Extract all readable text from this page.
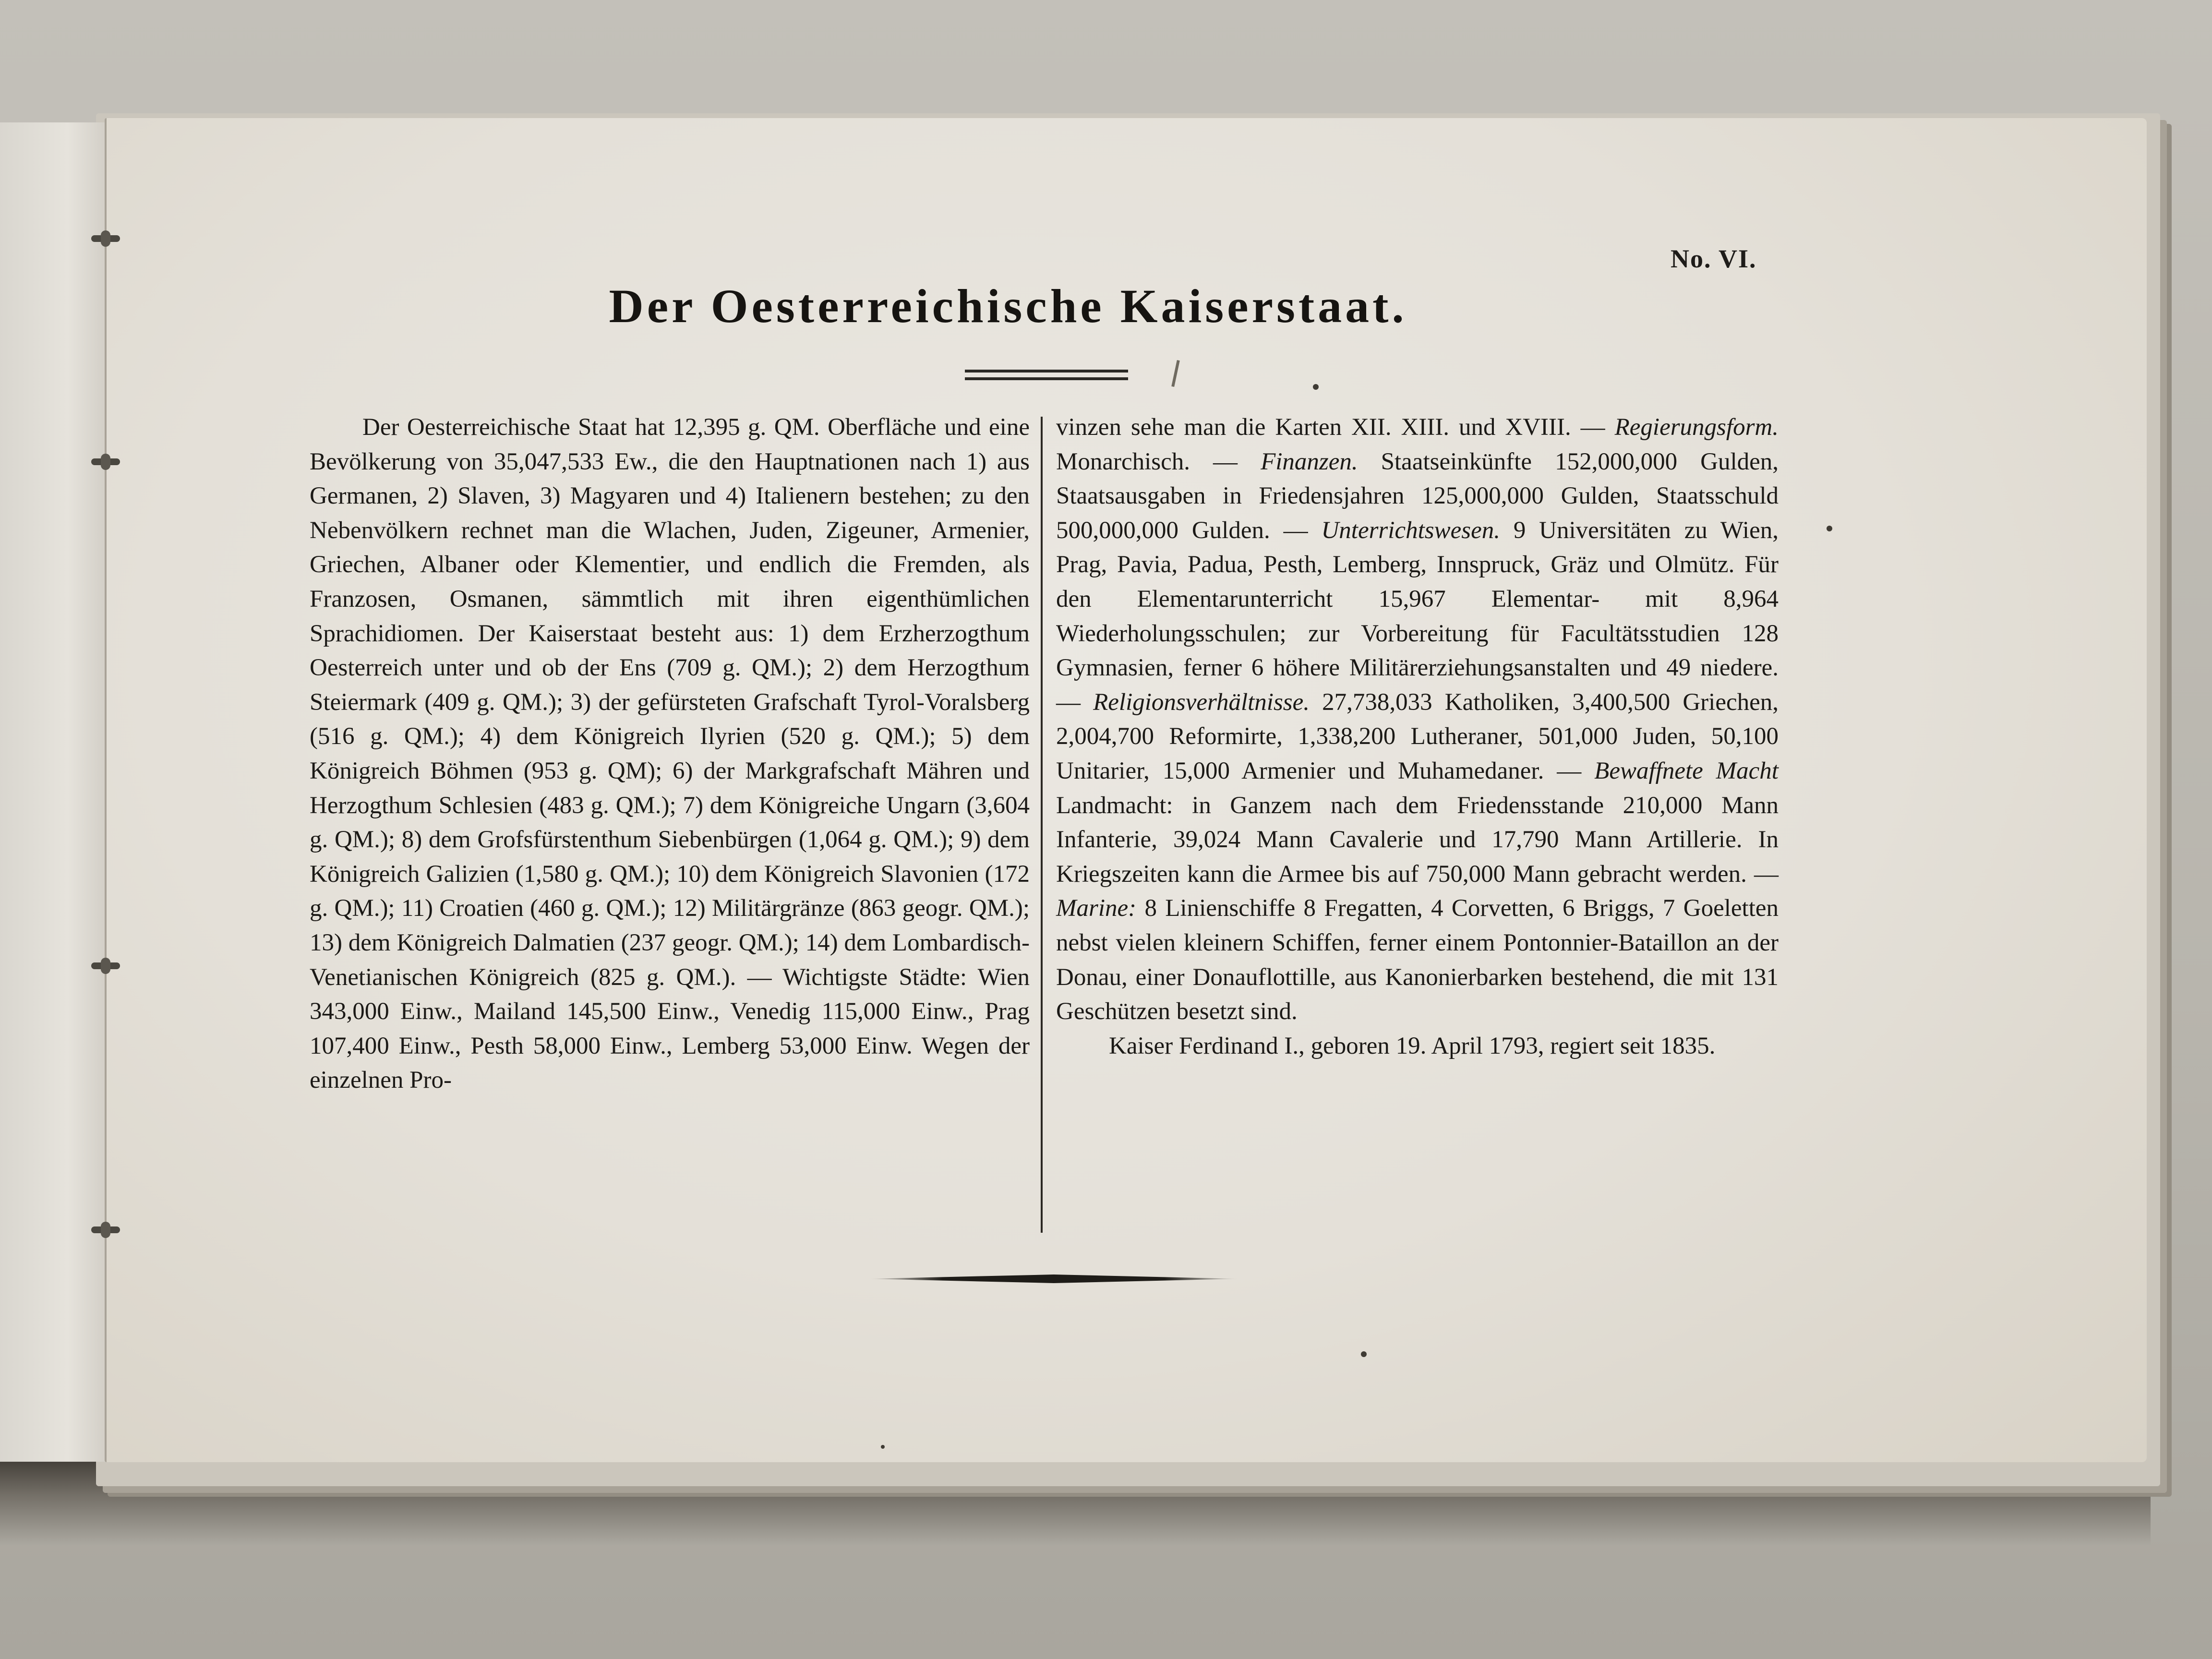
No. VI.
Der Oesterreichische Kaiserstaat.

Der Oesterreichische Staat hat 12,395 g. QM. Oberfläche und eine Bevölkerung von 35,047,533 Ew., die den Hauptnationen nach 1) aus Germanen, 2) Slaven, 3) Magyaren und 4) Italienern bestehen; zu den Nebenvölkern rechnet man die Wlachen, Juden, Zigeuner, Armenier, Griechen, Albaner oder Klementier, und endlich die Fremden, als Franzosen, Osmanen, sämmtlich mit ihren eigenthümlichen Sprachidiomen. Der Kaiserstaat besteht aus: 1) dem Erzherzogthum Oesterreich unter und ob der Ens (709 g. QM.); 2) dem Herzogthum Steiermark (409 g. QM.); 3) der gefürsteten Grafschaft Tyrol-Voralsberg (516 g. QM.); 4) dem Königreich Ilyrien (520 g. QM.); 5) dem Königreich Böhmen (953 g. QM); 6) der Markgrafschaft Mähren und Herzogthum Schlesien (483 g. QM.); 7) dem Königreiche Ungarn (3,604 g. QM.); 8) dem Grofsfürstenthum Siebenbürgen (1,064 g. QM.); 9) dem Königreich Galizien (1,580 g. QM.); 10) dem Königreich Slavonien (172 g. QM.); 11) Croatien (460 g. QM.); 12) Militärgränze (863 geogr. QM.); 13) dem Königreich Dalmatien (237 geogr. QM.); 14) dem Lombardisch-Venetianischen Königreich (825 g. QM.). — Wichtigste Städte: Wien 343,000 Einw., Mailand 145,500 Einw., Venedig 115,000 Einw., Prag 107,400 Einw., Pesth 58,000 Einw., Lemberg 53,000 Einw. Wegen der einzelnen Pro-

vinzen sehe man die Karten XII. XIII. und XVIII. — Regierungsform. Monarchisch. — Finanzen. Staatseinkünfte 152,000,000 Gulden, Staatsausgaben in Friedensjahren 125,000,000 Gulden, Staatsschuld 500,000,000 Gulden. — Unterrichtswesen. 9 Universitäten zu Wien, Prag, Pavia, Padua, Pesth, Lemberg, Innspruck, Gräz und Olmütz. Für den Elementarunterricht 15,967 Elementar- mit 8,964 Wiederholungsschulen; zur Vorbereitung für Facultätsstudien 128 Gymnasien, ferner 6 höhere Militärerziehungsanstalten und 49 niedere. — Religionsverhältnisse. 27,738,033 Katholiken, 3,400,500 Griechen, 2,004,700 Reformirte, 1,338,200 Lutheraner, 501,000 Juden, 50,100 Unitarier, 15,000 Armenier und Muhamedaner. — Bewaffnete Macht Landmacht: in Ganzem nach dem Friedensstande 210,000 Mann Infanterie, 39,024 Mann Cavalerie und 17,790 Mann Artillerie. In Kriegszeiten kann die Armee bis auf 750,000 Mann gebracht werden. — Marine: 8 Linienschiffe 8 Fregatten, 4 Corvetten, 6 Briggs, 7 Goeletten nebst vielen kleinern Schiffen, ferner einem Pontonnier-Bataillon an der Donau, einer Donauflottille, aus Kanonierbarken bestehend, die mit 131 Geschützen besetzt sind.

Kaiser Ferdinand I., geboren 19. April 1793, regiert seit 1835.
